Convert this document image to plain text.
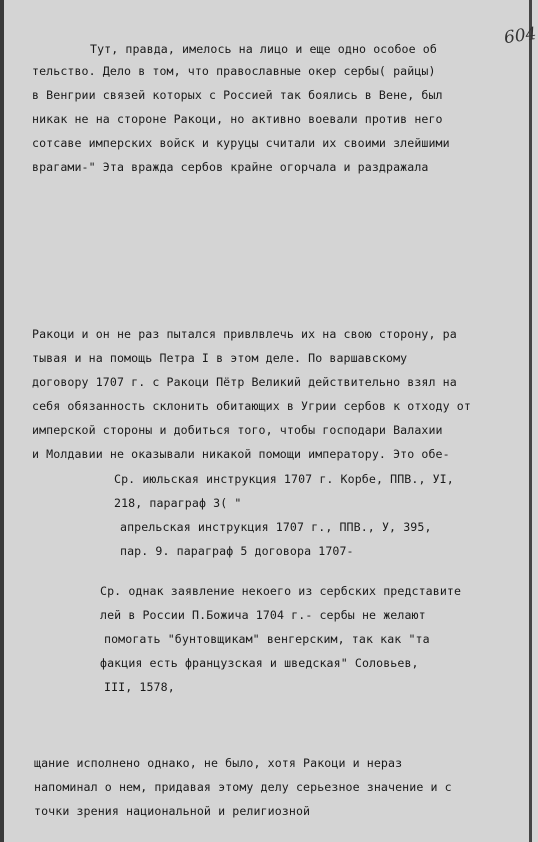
604
Тут, правда, имелось на лицо и еще одно особое об
тельство. Дело в том, что православные окер сербы( райцы)
в Венгрии связей которых с Россией так боялись в Вене, был
никак не на стороне Ракоци, но активно воевали против него
сотсаве имперских войск и куруцы считали их своими злейшими
врагами-" Эта вражда сербов крайне огорчала и раздражала
Ракоци и он не раз пытался привлвлечь их на свою сторону, ра
тывая и на помощь Петра I в этом деле. По варшавскому
договору 1707 г. с Ракоци Пётр Великий действительно взял на
себя обязанность склонить обитающих в Угрии сербов к отходу от
имперской стороны и добиться того, чтобы господари Валахии
и Молдавии не оказывали никакой помощи императору. Это обе-
Ср. июльская инструкция 1707 г. Корбе, ППВ., УI,
218, параграф 3( "
апрельская инструкция 1707 г., ППВ., У, 395,
пар. 9. параграф 5 договора 1707-
Ср. однак заявление некоего из сербских представите
лей в России П.Божича 1704 г.- сербы не желают
помогать "бунтовщикам" венгерским, так как "та
факция есть французская и шведская" Соловьев,
III, 1578,
щание исполнено однако, не было, хотя Ракоци и нераз
напоминал о нем, придавая этому делу серьезное значение и с
точки зрения национальной и религиозной
